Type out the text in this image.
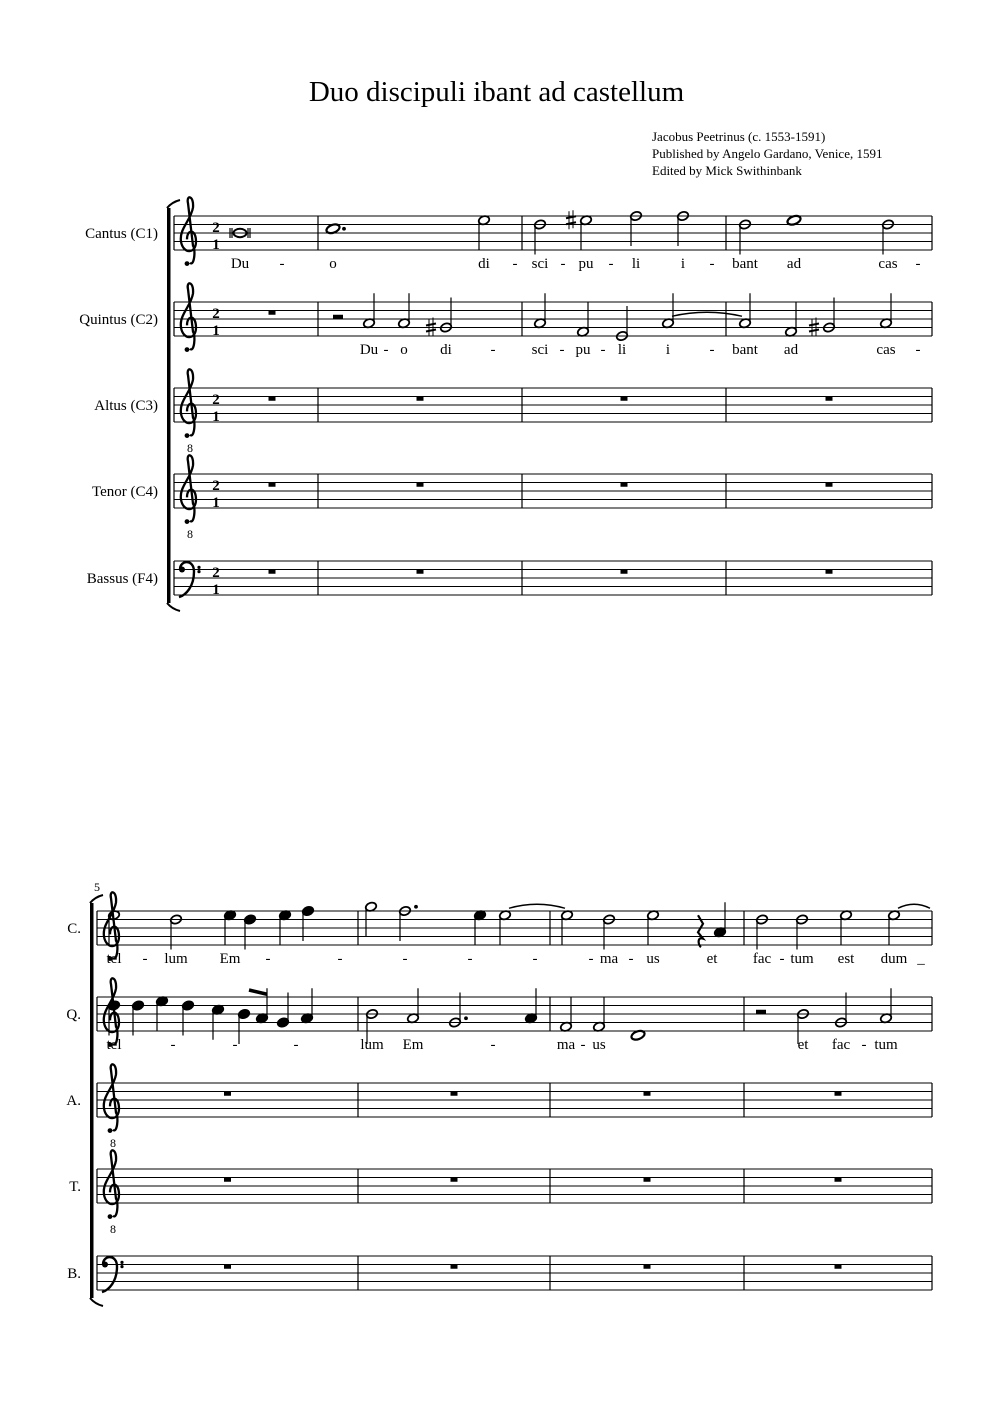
Duo discipuli ibant ad castellum
Jacobus Peetrinus (c. 1553-1591)
Published by Angelo Gardano, Venice, 1591
Edited by Mick Swithinbank
Cantus (C1)	2
1
Quintus (C2)	2
1
Altus (C3)
8
2
1
Tenor (C4)
8
2
1
Bassus (F4)	2
1
5
C.
Q.
A.
8
T.
8
B.
Du -	o	di - sci - pu - li	i - bant ad	cas -
Du - o di	- sci - pu - li	i	- bant ad	cas -
tel - lum Em -	-	-	-	-	- ma - us	et fac - tum est dum _
tel	-	-	-	lum Em	-	ma - us	et fac - tum
